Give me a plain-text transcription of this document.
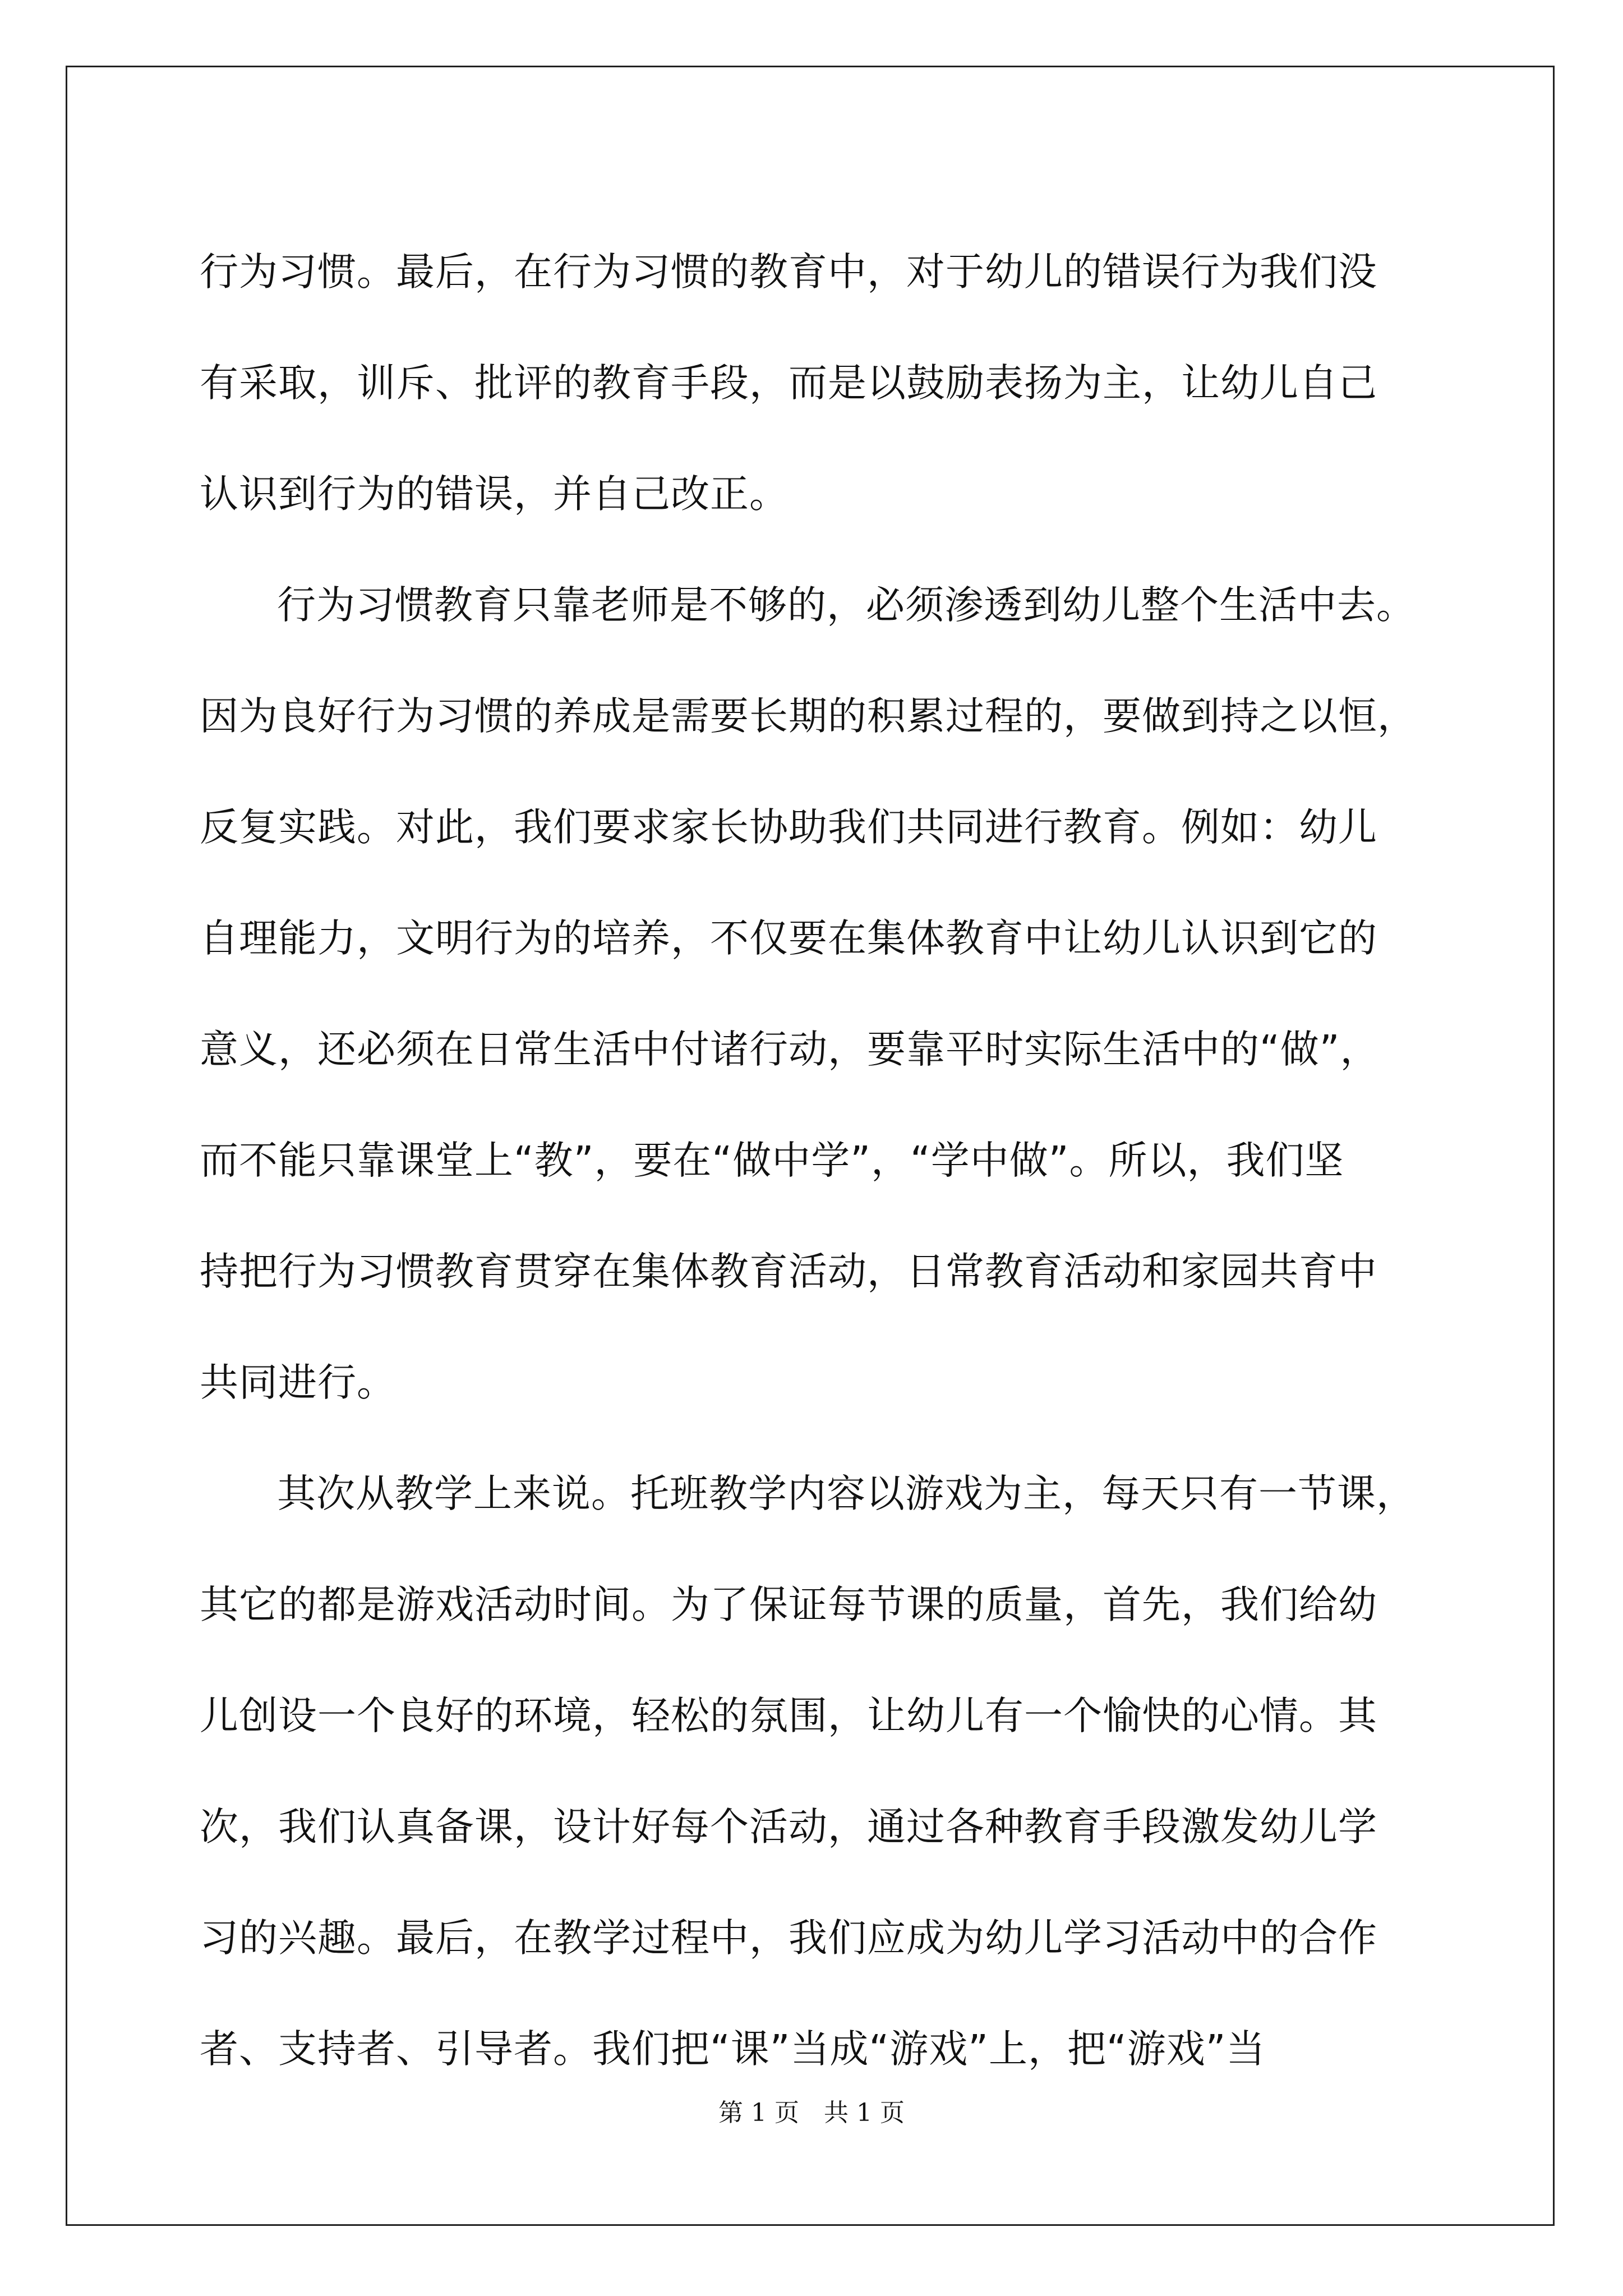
行为习惯。最后，在行为习惯的教育中，对于幼儿的错误行为我们没
有采取，训斥、批评的教育手段，而是以鼓励表扬为主，让幼儿自己
认识到行为的错误，并自己改正。
行为习惯教育只靠老师是不够的，必须渗透到幼儿整个生活中去。
因为良好行为习惯的养成是需要长期的积累过程的，要做到持之以恒，
反复实践。对此，我们要求家长协助我们共同进行教育。例如：幼儿
自理能力，文明行为的培养，不仅要在集体教育中让幼儿认识到它的
意义，还必须在日常生活中付诸行动，要靠平时实际生活中的“做”，
而不能只靠课堂上“教”，要在“做中学”，“学中做”。所以，我们坚
持把行为习惯教育贯穿在集体教育活动，日常教育活动和家园共育中
共同进行。
其次从教学上来说。托班教学内容以游戏为主，每天只有一节课，
其它的都是游戏活动时间。为了保证每节课的质量，首先，我们给幼
儿创设一个良好的环境，轻松的氛围，让幼儿有一个愉快的心情。其
次，我们认真备课，设计好每个活动，通过各种教育手段激发幼儿学
习的兴趣。最后，在教学过程中，我们应成为幼儿学习活动中的合作
者、支持者、引导者。我们把“课”当成“游戏”上，把“游戏”当
第 1 页　共 1 页
